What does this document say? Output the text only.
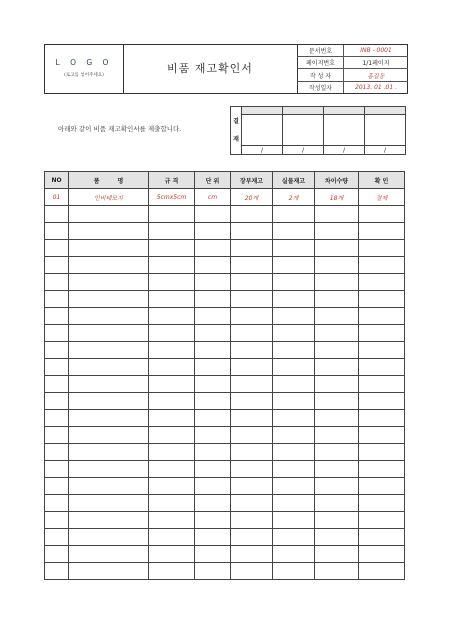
L O G O
(로고를 넣어주세요)
비품 재고확인서
문서번호	INB - 0001
페이지번호	1/1페이지
작 성 자	홍길동
작성일자	2013. 01 .01 .
아래와 같이 비품 재고확인서를 제출합니다.
결
재				

	/	/	/	/
NO	품　　　명	규 격	단 위	장부재고	실물재고	차이수량	확 인
01	인비테모지	5cmx5cm	cm	20개	2개	18개	결재
